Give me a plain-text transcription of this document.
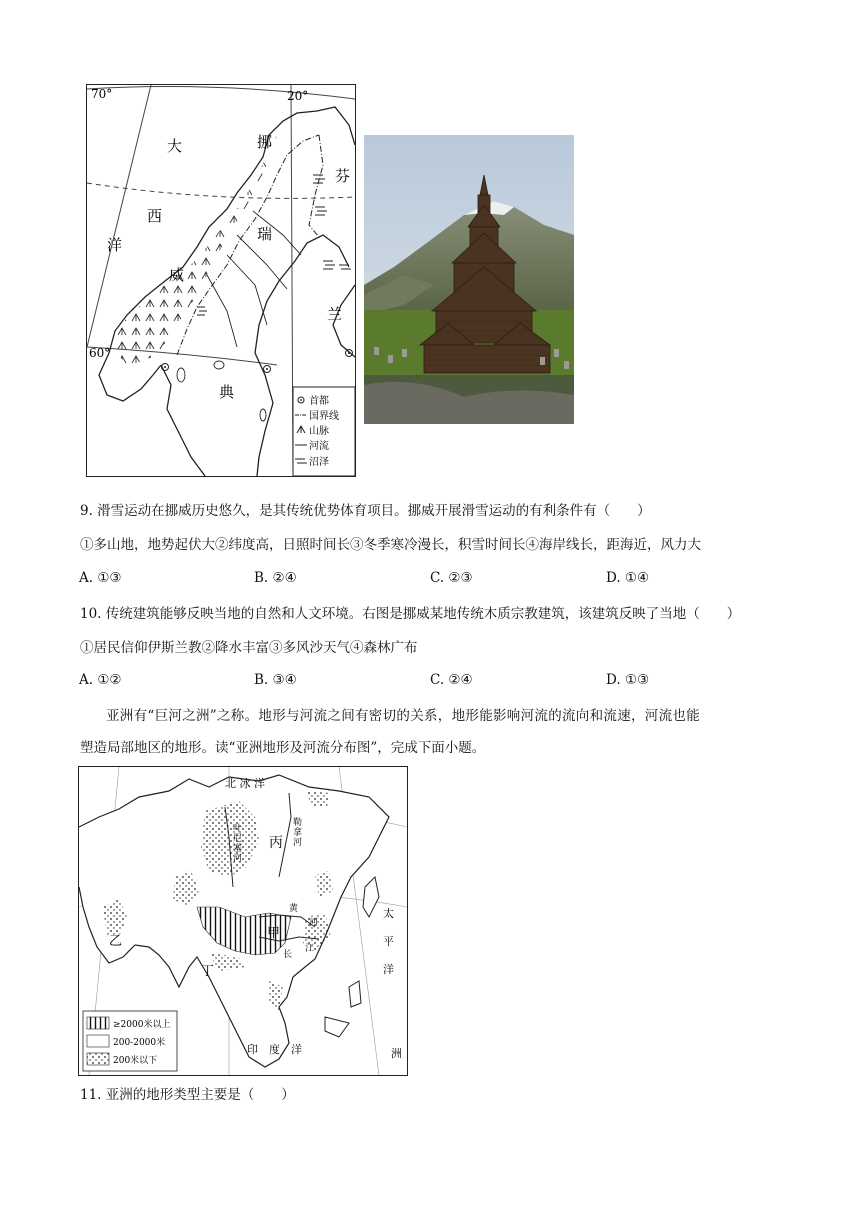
70°	20°
60°
大
西
洋
挪
威
瑞
典
芬
兰
首都
国界线
山脉
河流
沼泽
9. 滑雪运动在挪威历史悠久，是其传统优势体育项目。挪威开展滑雪运动的有利条件有（　　）
①多山地，地势起伏大②纬度高，日照时间长③冬季寒冷漫长，积雪时间长④海岸线长，距海近，风力大
A. ①③	B. ②④	C. ②③	D. ①④
10. 传统建筑能够反映当地的自然和人文环境。右图是挪威某地传统木质宗教建筑，该建筑反映了当地（　　）
①居民信仰伊斯兰教②降水丰富③多风沙天气④森林广布
A. ①②	B. ③④	C. ②④	D. ①③
亚洲有“巨河之洲”之称。地形与河流之间有密切的关系，地形能影响河流的流向和流速，河流也能
塑造局部地区的地形。读“亚洲地形及河流分布图”，完成下面小题。
北 冰 洋
太
平
洋
印　度　洋	洲
叶
尼
塞
河
勒
拿
河
黄
河
长
江
丙
甲
乙
丁
≥2000米以上
200-2000米
200米以下
11. 亚洲的地形类型主要是（　　）
